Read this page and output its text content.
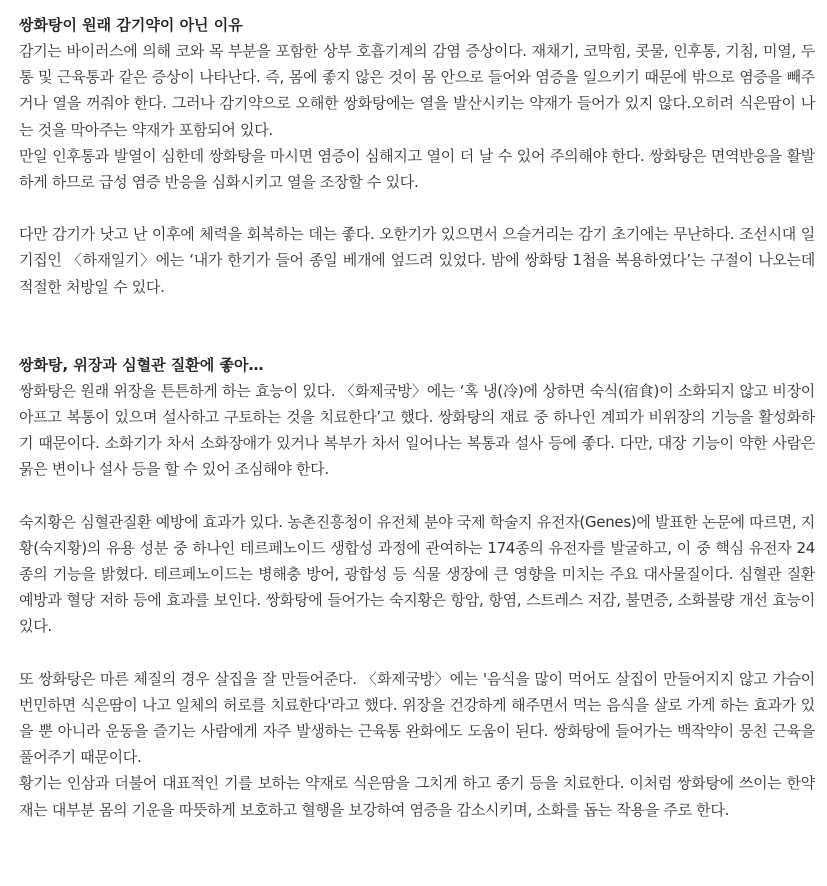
쌍화탕이 원래 감기약이 아닌 이유

감기는 바이러스에 의해 코와 목 부분을 포함한 상부 호흡기계의 감염 증상이다. 재채기, 코막힘, 콧물, 인후통, 기침, 미열, 두통 및 근육통과 같은 증상이 나타난다. 즉, 몸에 좋지 않은 것이 몸 안으로 들어와 염증을 일으키기 때문에 밖으로 염증을 빼주거나 열을 꺼줘야 한다. 그러나 감기약으로 오해한 쌍화탕에는 열을 발산시키는 약재가 들어가 있지 않다.오히려 식은땀이 나는 것을 막아주는 약재가 포함되어 있다.

만일 인후통과 발열이 심한데 쌍화탕을 마시면 염증이 심해지고 열이 더 날 수 있어 주의해야 한다. 쌍화탕은 면역반응을 활발하게 하므로 급성 염증 반응을 심화시키고 열을 조장할 수 있다.

다만 감기가 낫고 난 이후에 체력을 회복하는 데는 좋다. 오한기가 있으면서 으슬거리는 감기 초기에는 무난하다. 조선시대 일기집인 〈하재일기〉에는 ‘내가 한기가 들어 종일 베개에 엎드려 있었다. 밤에 쌍화탕 1첩을 복용하였다’는 구절이 나오는데 적절한 처방일 수 있다.

쌍화탕, 위장과 심혈관 질환에 좋아…

쌍화탕은 원래 위장을 튼튼하게 하는 효능이 있다. 〈화제국방〉에는 ‘혹 냉(冷)에 상하면 숙식(宿食)이 소화되지 않고 비장이 아프고 복통이 있으며 설사하고 구토하는 것을 치료한다’고 했다. 쌍화탕의 재료 중 하나인 계피가 비위장의 기능을 활성화하기 때문이다. 소화기가 차서 소화장애가 있거나 복부가 차서 일어나는 복통과 설사 등에 좋다. 다만, 대장 기능이 약한 사람은 묽은 변이나 설사 등을 할 수 있어 조심해야 한다.

숙지황은 심혈관질환 예방에 효과가 있다. 농촌진흥청이 유전체 분야 국제 학술지 유전자(Genes)에 발표한 논문에 따르면, 지황(숙지황)의 유용 성분 중 하나인 테르페노이드 생합성 과정에 관여하는 174종의 유전자를 발굴하고, 이 중 핵심 유전자 24종의 기능을 밝혔다. 테르페노이드는 병해충 방어, 광합성 등 식물 생장에 큰 영향을 미치는 주요 대사물질이다. 심혈관 질환 예방과 혈당 저하 등에 효과를 보인다. 쌍화탕에 들어가는 숙지황은 항암, 항염, 스트레스 저감, 불면증, 소화불량 개선 효능이 있다.

또 쌍화탕은 마른 체질의 경우 살집을 잘 만들어준다. 〈화제국방〉에는 '음식을 많이 먹어도 살집이 만들어지지 않고 가슴이 번민하면 식은땀이 나고 일체의 허로를 치료한다'라고 했다. 위장을 건강하게 해주면서 먹는 음식을 살로 가게 하는 효과가 있을 뿐 아니라 운동을 즐기는 사람에게 자주 발생하는 근육통 완화에도 도움이 된다. 쌍화탕에 들어가는 백작약이 뭉친 근육을 풀어주기 때문이다.

황기는 인삼과 더불어 대표적인 기를 보하는 약재로 식은땀을 그치게 하고 종기 등을 치료한다. 이처럼 쌍화탕에 쓰이는 한약재는 대부분 몸의 기운을 따뜻하게 보호하고 혈행을 보강하여 염증을 감소시키며, 소화를 돕는 작용을 주로 한다.
